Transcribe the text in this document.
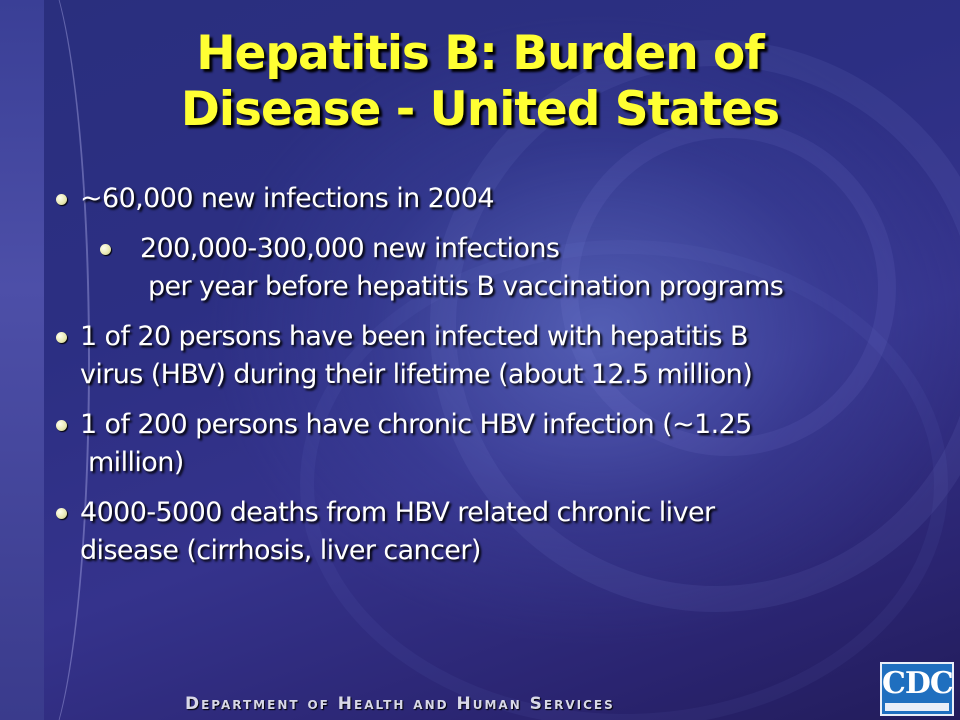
Hepatitis B: Burden of
Disease - United States
~60,000 new infections in 2004
200,000-300,000 new infections
per year before hepatitis B vaccination programs
1 of 20 persons have been infected with hepatitis B
virus (HBV) during their lifetime (about 12.5 million)
1 of 200 persons have chronic HBV infection (~1.25
million)
4000-5000 deaths from HBV related chronic liver
disease (cirrhosis, liver cancer)
Department of Health and Human Services
CDC
